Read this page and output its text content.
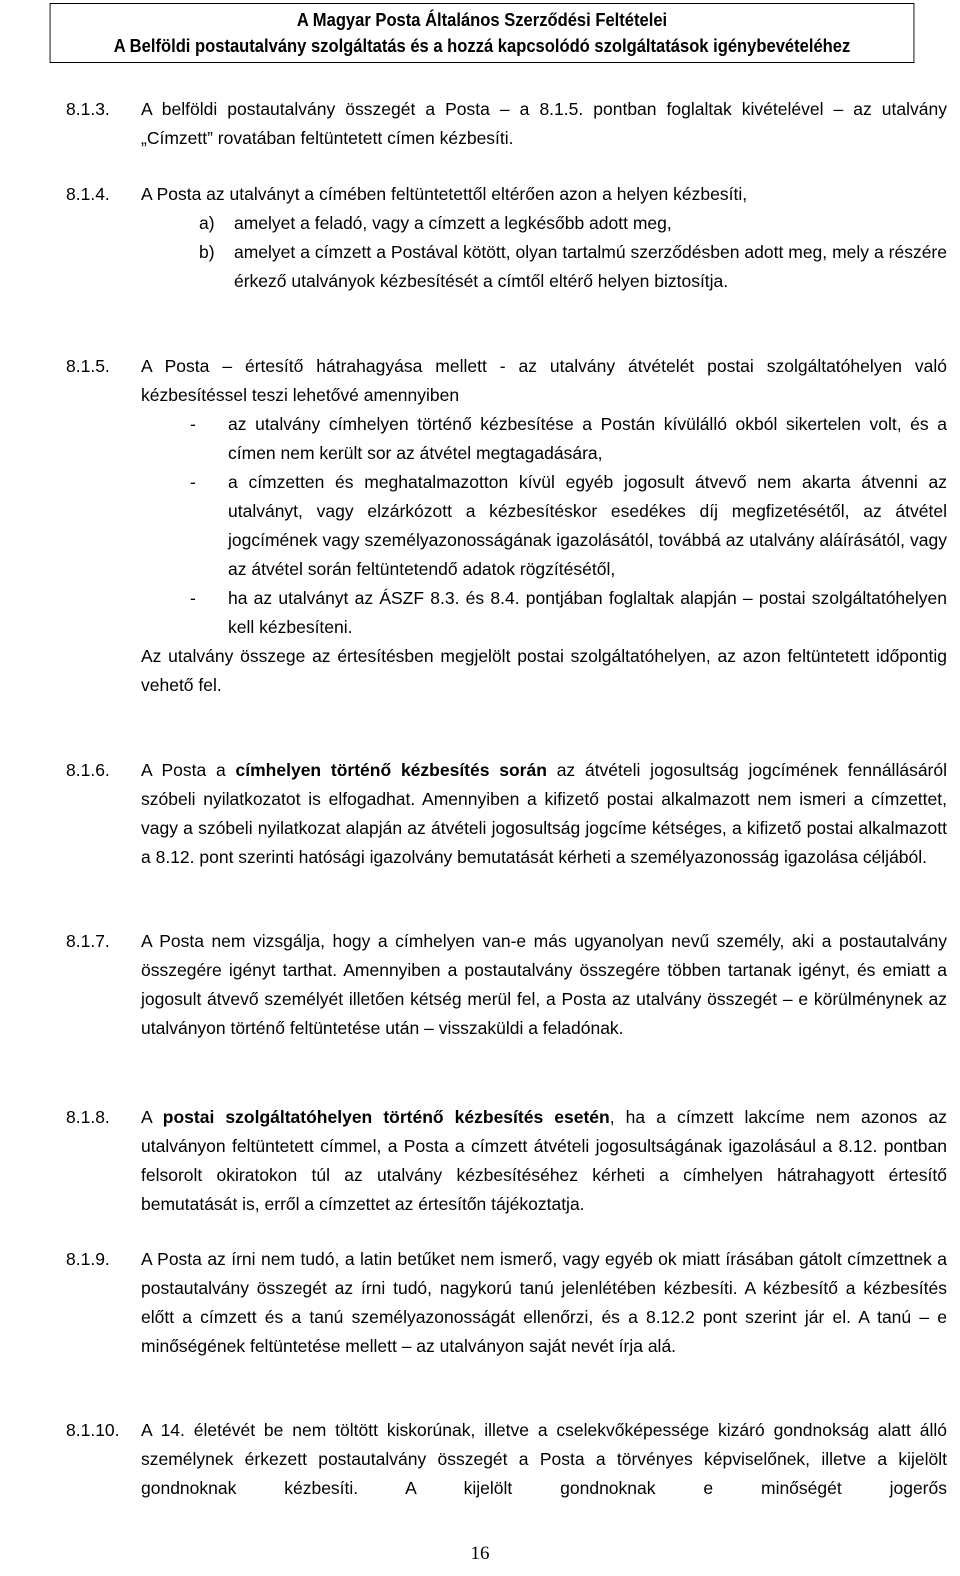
A Magyar Posta Általános Szerződési Feltételei
A Belföldi postautalvány szolgáltatás és a hozzá kapcsolódó szolgáltatások igénybevételéhez
8.1.3. A belföldi postautalvány összegét a Posta – a 8.1.5. pontban foglaltak kivételével – az utalvány „Címzett” rovatában feltüntetett címen kézbesíti.

8.1.4. A Posta az utalványt a címében feltüntetettől eltérően azon a helyen kézbesíti,

a) amelyet a feladó, vagy a címzett a legkésőbb adott meg,
b) amelyet a címzett a Postával kötött, olyan tartalmú szerződésben adott meg, mely a részére érkező utalványok kézbesítését a címtől eltérő helyen biztosítja.
8.1.5. A Posta – értesítő hátrahagyása mellett - az utalvány átvételét postai szolgáltatóhelyen való kézbesítéssel teszi lehetővé amennyiben

- az utalvány címhelyen történő kézbesítése a Postán kívülálló okból sikertelen volt, és a címen nem került sor az átvétel megtagadására,
- a címzetten és meghatalmazotton kívül egyéb jogosult átvevő nem akarta átvenni az utalványt, vagy elzárkózott a kézbesítéskor esedékes díj megfizetésétől, az átvétel jogcímének vagy személyazonosságának igazolásától, továbbá az utalvány aláírásától, vagy az átvétel során feltüntetendő adatok rögzítésétől,
- ha az utalványt az ÁSZF 8.3. és 8.4. pontjában foglaltak alapján – postai szolgáltatóhelyen kell kézbesíteni.

Az utalvány összege az értesítésben megjelölt postai szolgáltatóhelyen, az azon feltüntetett időpontig vehető fel.

8.1.6. A Posta a címhelyen történő kézbesítés során az átvételi jogosultság jogcímének fennállásáról szóbeli nyilatkozatot is elfogadhat. Amennyiben a kifizető postai alkalmazott nem ismeri a címzettet, vagy a szóbeli nyilatkozat alapján az átvételi jogosultság jogcíme kétséges, a kifizető postai alkalmazott a 8.12. pont szerinti hatósági igazolvány bemutatását kérheti a személyazonosság igazolása céljából.

8.1.7. A Posta nem vizsgálja, hogy a címhelyen van-e más ugyanolyan nevű személy, aki a postautalvány összegére igényt tarthat. Amennyiben a postautalvány összegére többen tartanak igényt, és emiatt a jogosult átvevő személyét illetően kétség merül fel, a Posta az utalvány összegét – e körülménynek az utalványon történő feltüntetése után – visszaküldi a feladónak.

8.1.8. A postai szolgáltatóhelyen történő kézbesítés esetén, ha a címzett lakcíme nem azonos az utalványon feltüntetett címmel, a Posta a címzett átvételi jogosultságának igazolásául a 8.12. pontban felsorolt okiratokon túl az utalvány kézbesítéséhez kérheti a címhelyen hátrahagyott értesítő bemutatását is, erről a címzettet az értesítőn tájékoztatja.

8.1.9. A Posta az írni nem tudó, a latin betűket nem ismerő, vagy egyéb ok miatt írásában gátolt címzettnek a postautalvány összegét az írni tudó, nagykorú tanú jelenlétében kézbesíti. A kézbesítő a kézbesítés előtt a címzett és a tanú személyazonosságát ellenőrzi, és a 8.12.2 pont szerint jár el. A tanú – e minőségének feltüntetése mellett – az utalványon saját nevét írja alá.

8.1.10. A 14. életévét be nem töltött kiskorúnak, illetve a cselekvőképessége kizáró gondnokság alatt álló személynek érkezett postautalvány összegét a Posta a törvényes képviselőnek, illetve a kijelölt gondnoknak kézbesíti. A kijelölt gondnoknak e minőségét jogerős

16
